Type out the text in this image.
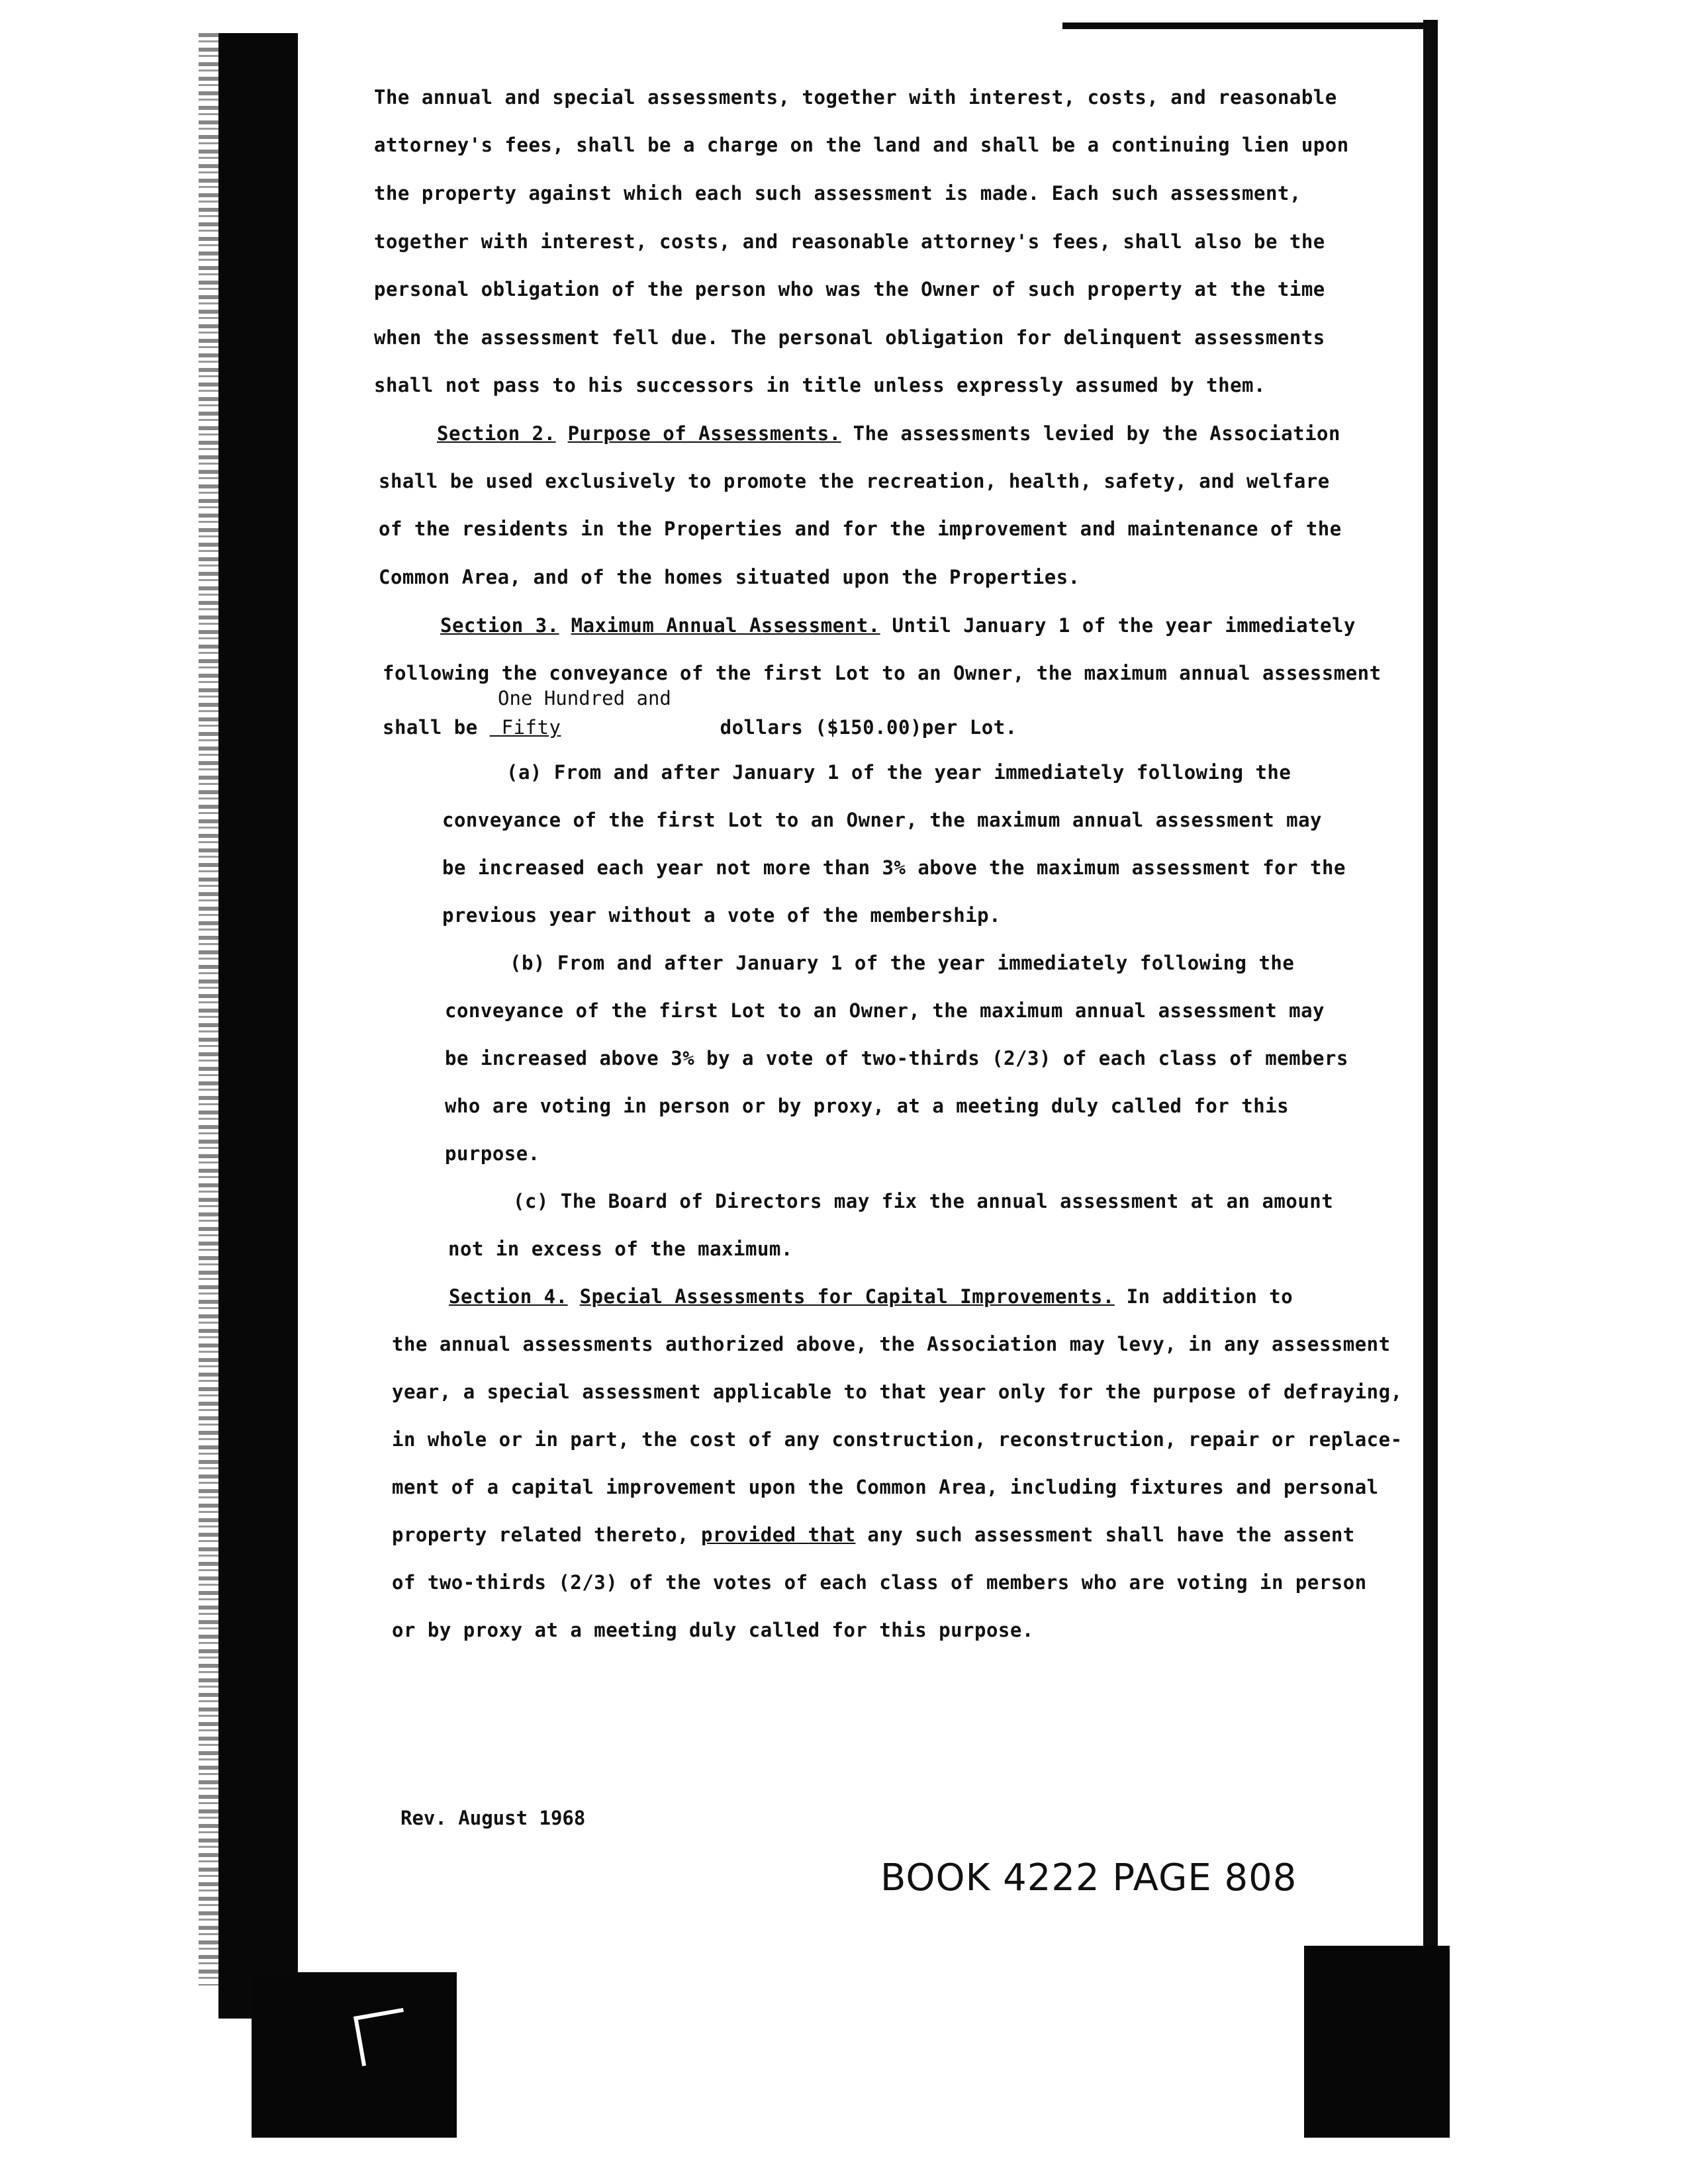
The annual and special assessments, together with interest, costs, and reasonable
attorney's fees, shall be a charge on the land and shall be a continuing lien upon
the property against which each such assessment is made. Each such assessment,
together with interest, costs, and reasonable attorney's fees, shall also be the
personal obligation of the person who was the Owner of such property at the time
when the assessment fell due. The personal obligation for delinquent assessments
shall not pass to his successors in title unless expressly assumed by them.
Section 2. Purpose of Assessments. The assessments levied by the Association
shall be used exclusively to promote the recreation, health, safety, and welfare
of the residents in the Properties and for the improvement and maintenance of the
Common Area, and of the homes situated upon the Properties.
Section 3. Maximum Annual Assessment. Until January 1 of the year immediately
following the conveyance of the first Lot to an Owner, the maximum annual assessment
One Hundred and
shall be Fifty	dollars ($150.00)per Lot.
(a) From and after January 1 of the year immediately following the
conveyance of the first Lot to an Owner, the maximum annual assessment may
be increased each year not more than 3% above the maximum assessment for the
previous year without a vote of the membership.
(b) From and after January 1 of the year immediately following the
conveyance of the first Lot to an Owner, the maximum annual assessment may
be increased above 3% by a vote of two-thirds (2/3) of each class of members
who are voting in person or by proxy, at a meeting duly called for this
purpose.
(c) The Board of Directors may fix the annual assessment at an amount
not in excess of the maximum.
Section 4. Special Assessments for Capital Improvements. In addition to
the annual assessments authorized above, the Association may levy, in any assessment
year, a special assessment applicable to that year only for the purpose of defraying,
in whole or in part, the cost of any construction, reconstruction, repair or replace-
ment of a capital improvement upon the Common Area, including fixtures and personal
property related thereto, provided that any such assessment shall have the assent
of two-thirds (2/3) of the votes of each class of members who are voting in person
or by proxy at a meeting duly called for this purpose.
Rev. August 1968
BOOK 4222 PAGE 808
